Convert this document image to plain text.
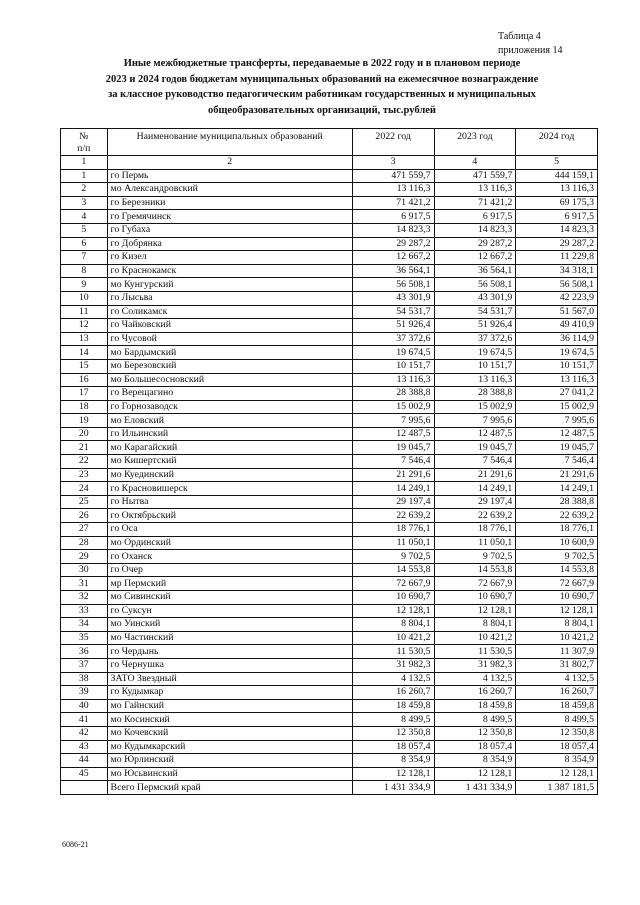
Таблица 4
приложения 14
Иные межбюджетные трансферты, передаваемые в 2022 году и в плановом периоде
2023 и 2024 годов бюджетам муниципальных образований на ежемесячное вознаграждение
за классное руководство педагогическим работникам государственных и муниципальных
общеобразовательных организаций, тыс.рублей
№
п/п	Наименование муниципальных образований	2022 год	2023 год	2024 год
1	2	3	4	5
1	го Пермь	471 559,7	471 559,7	444 159,1
2	мо Александровский	13 116,3	13 116,3	13 116,3
3	го Березники	71 421,2	71 421,2	69 175,3
4	го Гремячинск	6 917,5	6 917,5	6 917,5
5	го Губаха	14 823,3	14 823,3	14 823,3
6	го Добрянка	29 287,2	29 287,2	29 287,2
7	го Кизел	12 667,2	12 667,2	11 229,8
8	го Краснокамск	36 564,1	36 564,1	34 318,1
9	мо Кунгурский	56 508,1	56 508,1	56 508,1
10	го Лысьва	43 301,9	43 301,9	42 223,9
11	го Соликамск	54 531,7	54 531,7	51 567,0
12	го Чайковский	51 926,4	51 926,4	49 410,9
13	го Чусовой	37 372,6	37 372,6	36 114,9
14	мо Бардымский	19 674,5	19 674,5	19 674,5
15	мо Березовский	10 151,7	10 151,7	10 151,7
16	мо Большесосновский	13 116,3	13 116,3	13 116,3
17	го Верещагино	28 388,8	28 388,8	27 041,2
18	го Горнозаводск	15 002,9	15 002,9	15 002,9
19	мо Еловский	7 995,6	7 995,6	7 995,6
20	го Ильинский	12 487,5	12 487,5	12 487,5
21	мо Карагайский	19 045,7	19 045,7	19 045,7
22	мо Кишертский	7 546,4	7 546,4	7 546,4
23	мо Куединский	21 291,6	21 291,6	21 291,6
24	го Красновишерск	14 249,1	14 249,1	14 249,1
25	го Нытва	29 197,4	29 197,4	28 388,8
26	го Октябрьский	22 639,2	22 639,2	22 639,2
27	го Оса	18 776,1	18 776,1	18 776,1
28	мо Ординский	11 050,1	11 050,1	10 600,9
29	го Оханск	9 702,5	9 702,5	9 702,5
30	го Очер	14 553,8	14 553,8	14 553,8
31	мр Пермский	72 667,9	72 667,9	72 667,9
32	мо Сивинский	10 690,7	10 690,7	10 690,7
33	го Суксун	12 128,1	12 128,1	12 128,1
34	мо Уинский	8 804,1	8 804,1	8 804,1
35	мо Частинский	10 421,2	10 421,2	10 421,2
36	го Чердынь	11 530,5	11 530,5	11 307,9
37	го Чернушка	31 982,3	31 982,3	31 802,7
38	ЗАТО Звездный	4 132,5	4 132,5	4 132,5
39	го Кудымкар	16 260,7	16 260,7	16 260,7
40	мо Гайнский	18 459,8	18 459,8	18 459,8
41	мо Косинский	8 499,5	8 499,5	8 499,5
42	мо Кочевский	12 350,8	12 350,8	12 350,8
43	мо Кудымкарский	18 057,4	18 057,4	18 057,4
44	мо Юрлинский	8 354,9	8 354,9	8 354,9
45	мо Юсьвинский	12 128,1	12 128,1	12 128,1
	Всего Пермский край	1 431 334,9	1 431 334,9	1 387 181,5
6086-21
